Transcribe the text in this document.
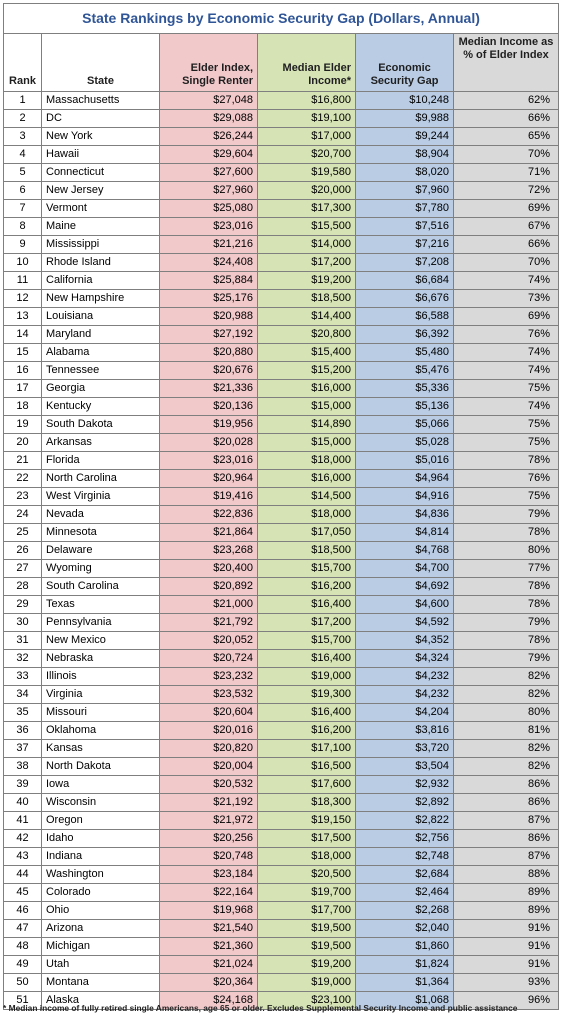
State Rankings by Economic Security Gap (Dollars, Annual)					
Rank	State	Elder Index, Single Renter	Median Elder Income*	Economic Security Gap	Median Income as % of Elder Index
1	Massachusetts	$27,048	$16,800	$10,248	62%
2	DC	$29,088	$19,100	$9,988	66%
3	New York	$26,244	$17,000	$9,244	65%
4	Hawaii	$29,604	$20,700	$8,904	70%
5	Connecticut	$27,600	$19,580	$8,020	71%
6	New Jersey	$27,960	$20,000	$7,960	72%
7	Vermont	$25,080	$17,300	$7,780	69%
8	Maine	$23,016	$15,500	$7,516	67%
9	Mississippi	$21,216	$14,000	$7,216	66%
10	Rhode Island	$24,408	$17,200	$7,208	70%
11	California	$25,884	$19,200	$6,684	74%
12	New Hampshire	$25,176	$18,500	$6,676	73%
13	Louisiana	$20,988	$14,400	$6,588	69%
14	Maryland	$27,192	$20,800	$6,392	76%
15	Alabama	$20,880	$15,400	$5,480	74%
16	Tennessee	$20,676	$15,200	$5,476	74%
17	Georgia	$21,336	$16,000	$5,336	75%
18	Kentucky	$20,136	$15,000	$5,136	74%
19	South Dakota	$19,956	$14,890	$5,066	75%
20	Arkansas	$20,028	$15,000	$5,028	75%
21	Florida	$23,016	$18,000	$5,016	78%
22	North Carolina	$20,964	$16,000	$4,964	76%
23	West Virginia	$19,416	$14,500	$4,916	75%
24	Nevada	$22,836	$18,000	$4,836	79%
25	Minnesota	$21,864	$17,050	$4,814	78%
26	Delaware	$23,268	$18,500	$4,768	80%
27	Wyoming	$20,400	$15,700	$4,700	77%
28	South Carolina	$20,892	$16,200	$4,692	78%
29	Texas	$21,000	$16,400	$4,600	78%
30	Pennsylvania	$21,792	$17,200	$4,592	79%
31	New Mexico	$20,052	$15,700	$4,352	78%
32	Nebraska	$20,724	$16,400	$4,324	79%
33	Illinois	$23,232	$19,000	$4,232	82%
34	Virginia	$23,532	$19,300	$4,232	82%
35	Missouri	$20,604	$16,400	$4,204	80%
36	Oklahoma	$20,016	$16,200	$3,816	81%
37	Kansas	$20,820	$17,100	$3,720	82%
38	North Dakota	$20,004	$16,500	$3,504	82%
39	Iowa	$20,532	$17,600	$2,932	86%
40	Wisconsin	$21,192	$18,300	$2,892	86%
41	Oregon	$21,972	$19,150	$2,822	87%
42	Idaho	$20,256	$17,500	$2,756	86%
43	Indiana	$20,748	$18,000	$2,748	87%
44	Washington	$23,184	$20,500	$2,684	88%
45	Colorado	$22,164	$19,700	$2,464	89%
46	Ohio	$19,968	$17,700	$2,268	89%
47	Arizona	$21,540	$19,500	$2,040	91%
48	Michigan	$21,360	$19,500	$1,860	91%
49	Utah	$21,024	$19,200	$1,824	91%
50	Montana	$20,364	$19,000	$1,364	93%
51	Alaska	$24,168	$23,100	$1,068	96%
* Median income of fully retired single Americans, age 65 or older. Excludes Supplemental Security Income and public assistance
